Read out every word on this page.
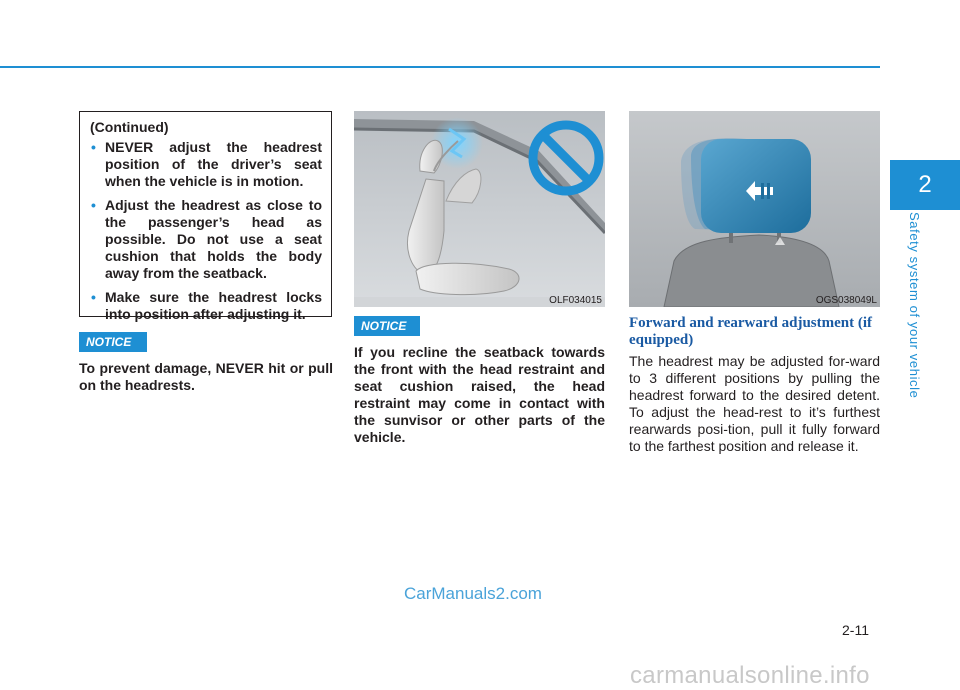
2
Safety system of your vehicle

(Continued)

• NEVER adjust the headrest position of the driver’s seat when the vehicle is in motion.
• Adjust the headrest as close to the passenger’s head as possible. Do not use a seat cushion that holds the body away from the seatback.
• Make sure the headrest locks into position after adjusting it.
NOTICE
To prevent damage, NEVER hit or pull on the headrests.
OLF034015
NOTICE
If you recline the seatback towards the front with the head restraint and seat cushion raised, the head restraint may come in contact with the sunvisor or other parts of the vehicle.
OGS038049L
Forward and rearward adjustment (if equipped)
The headrest may be adjusted for-ward to 3 different positions by pulling the headrest forward to the desired detent. To adjust the head-rest to it’s furthest rearwards posi-tion, pull it fully forward to the farthest position and release it.
2-11
CarManuals2.com
carmanualsonline.info
